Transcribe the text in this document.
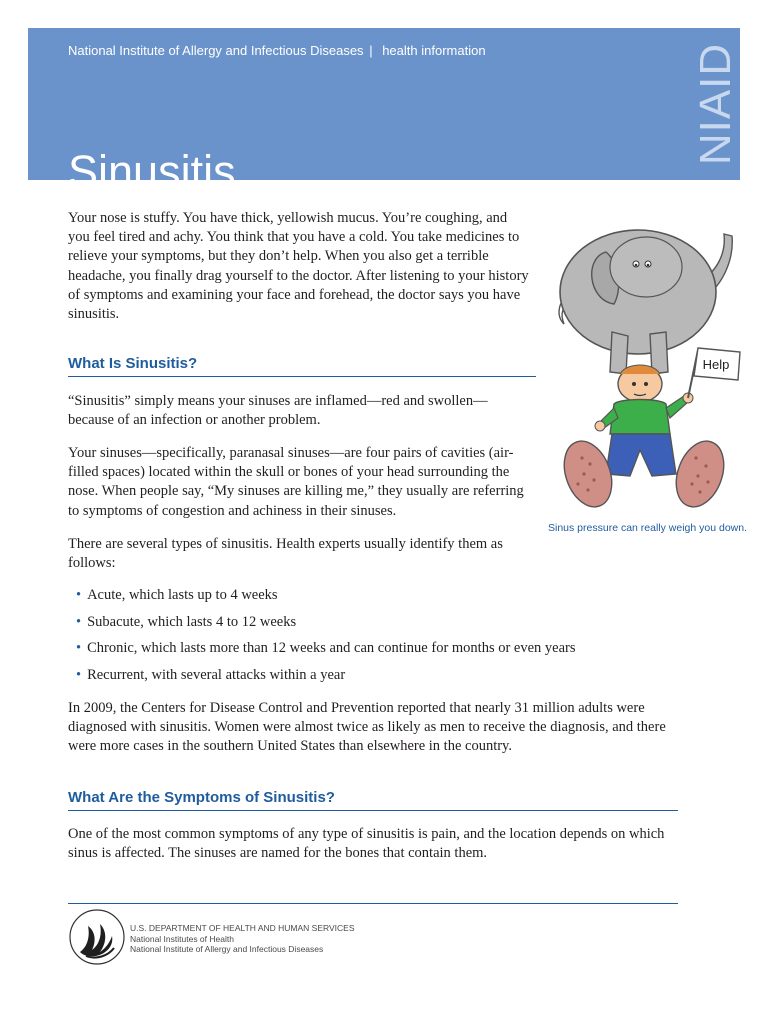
National Institute of Allergy and Infectious Diseases | health information
Sinusitis
NIAID

Your nose is stuffy. You have thick, yellowish mucus. You’re coughing, and you feel tired and achy. You think that you have a cold. You take medicines to relieve your symptoms, but they don’t help. When you also get a terrible headache, you finally drag yourself to the doctor. After listening to your history of symptoms and examining your face and forehead, the doctor says you have sinusitis.

Help
Sinus pressure can really weigh you down.
What Is Sinusitis?

“Sinusitis” simply means your sinuses are inflamed—red and swollen—because of an infection or another problem.

Your sinuses—specifically, paranasal sinuses—are four pairs of cavities (air-filled spaces) located within the skull or bones of your head surrounding the nose. When people say, “My sinuses are killing me,” they usually are referring to symptoms of congestion and achiness in their sinuses.

There are several types of sinusitis. Health experts usually identify them as follows:

• Acute, which lasts up to 4 weeks
• Subacute, which lasts 4 to 12 weeks
• Chronic, which lasts more than 12 weeks and can continue for months or even years
• Recurrent, with several attacks within a year

In 2009, the Centers for Disease Control and Prevention reported that nearly 31 million adults were diagnosed with sinusitis. Women were almost twice as likely as men to receive the diagnosis, and there were more cases in the southern United States than elsewhere in the country.

What Are the Symptoms of Sinusitis?

One of the most common symptoms of any type of sinusitis is pain, and the location depends on which sinus is affected. The sinuses are named for the bones that contain them.

U.S. DEPARTMENT OF HEALTH AND HUMAN SERVICES
National Institutes of Health
National Institute of Allergy and Infectious Diseases
